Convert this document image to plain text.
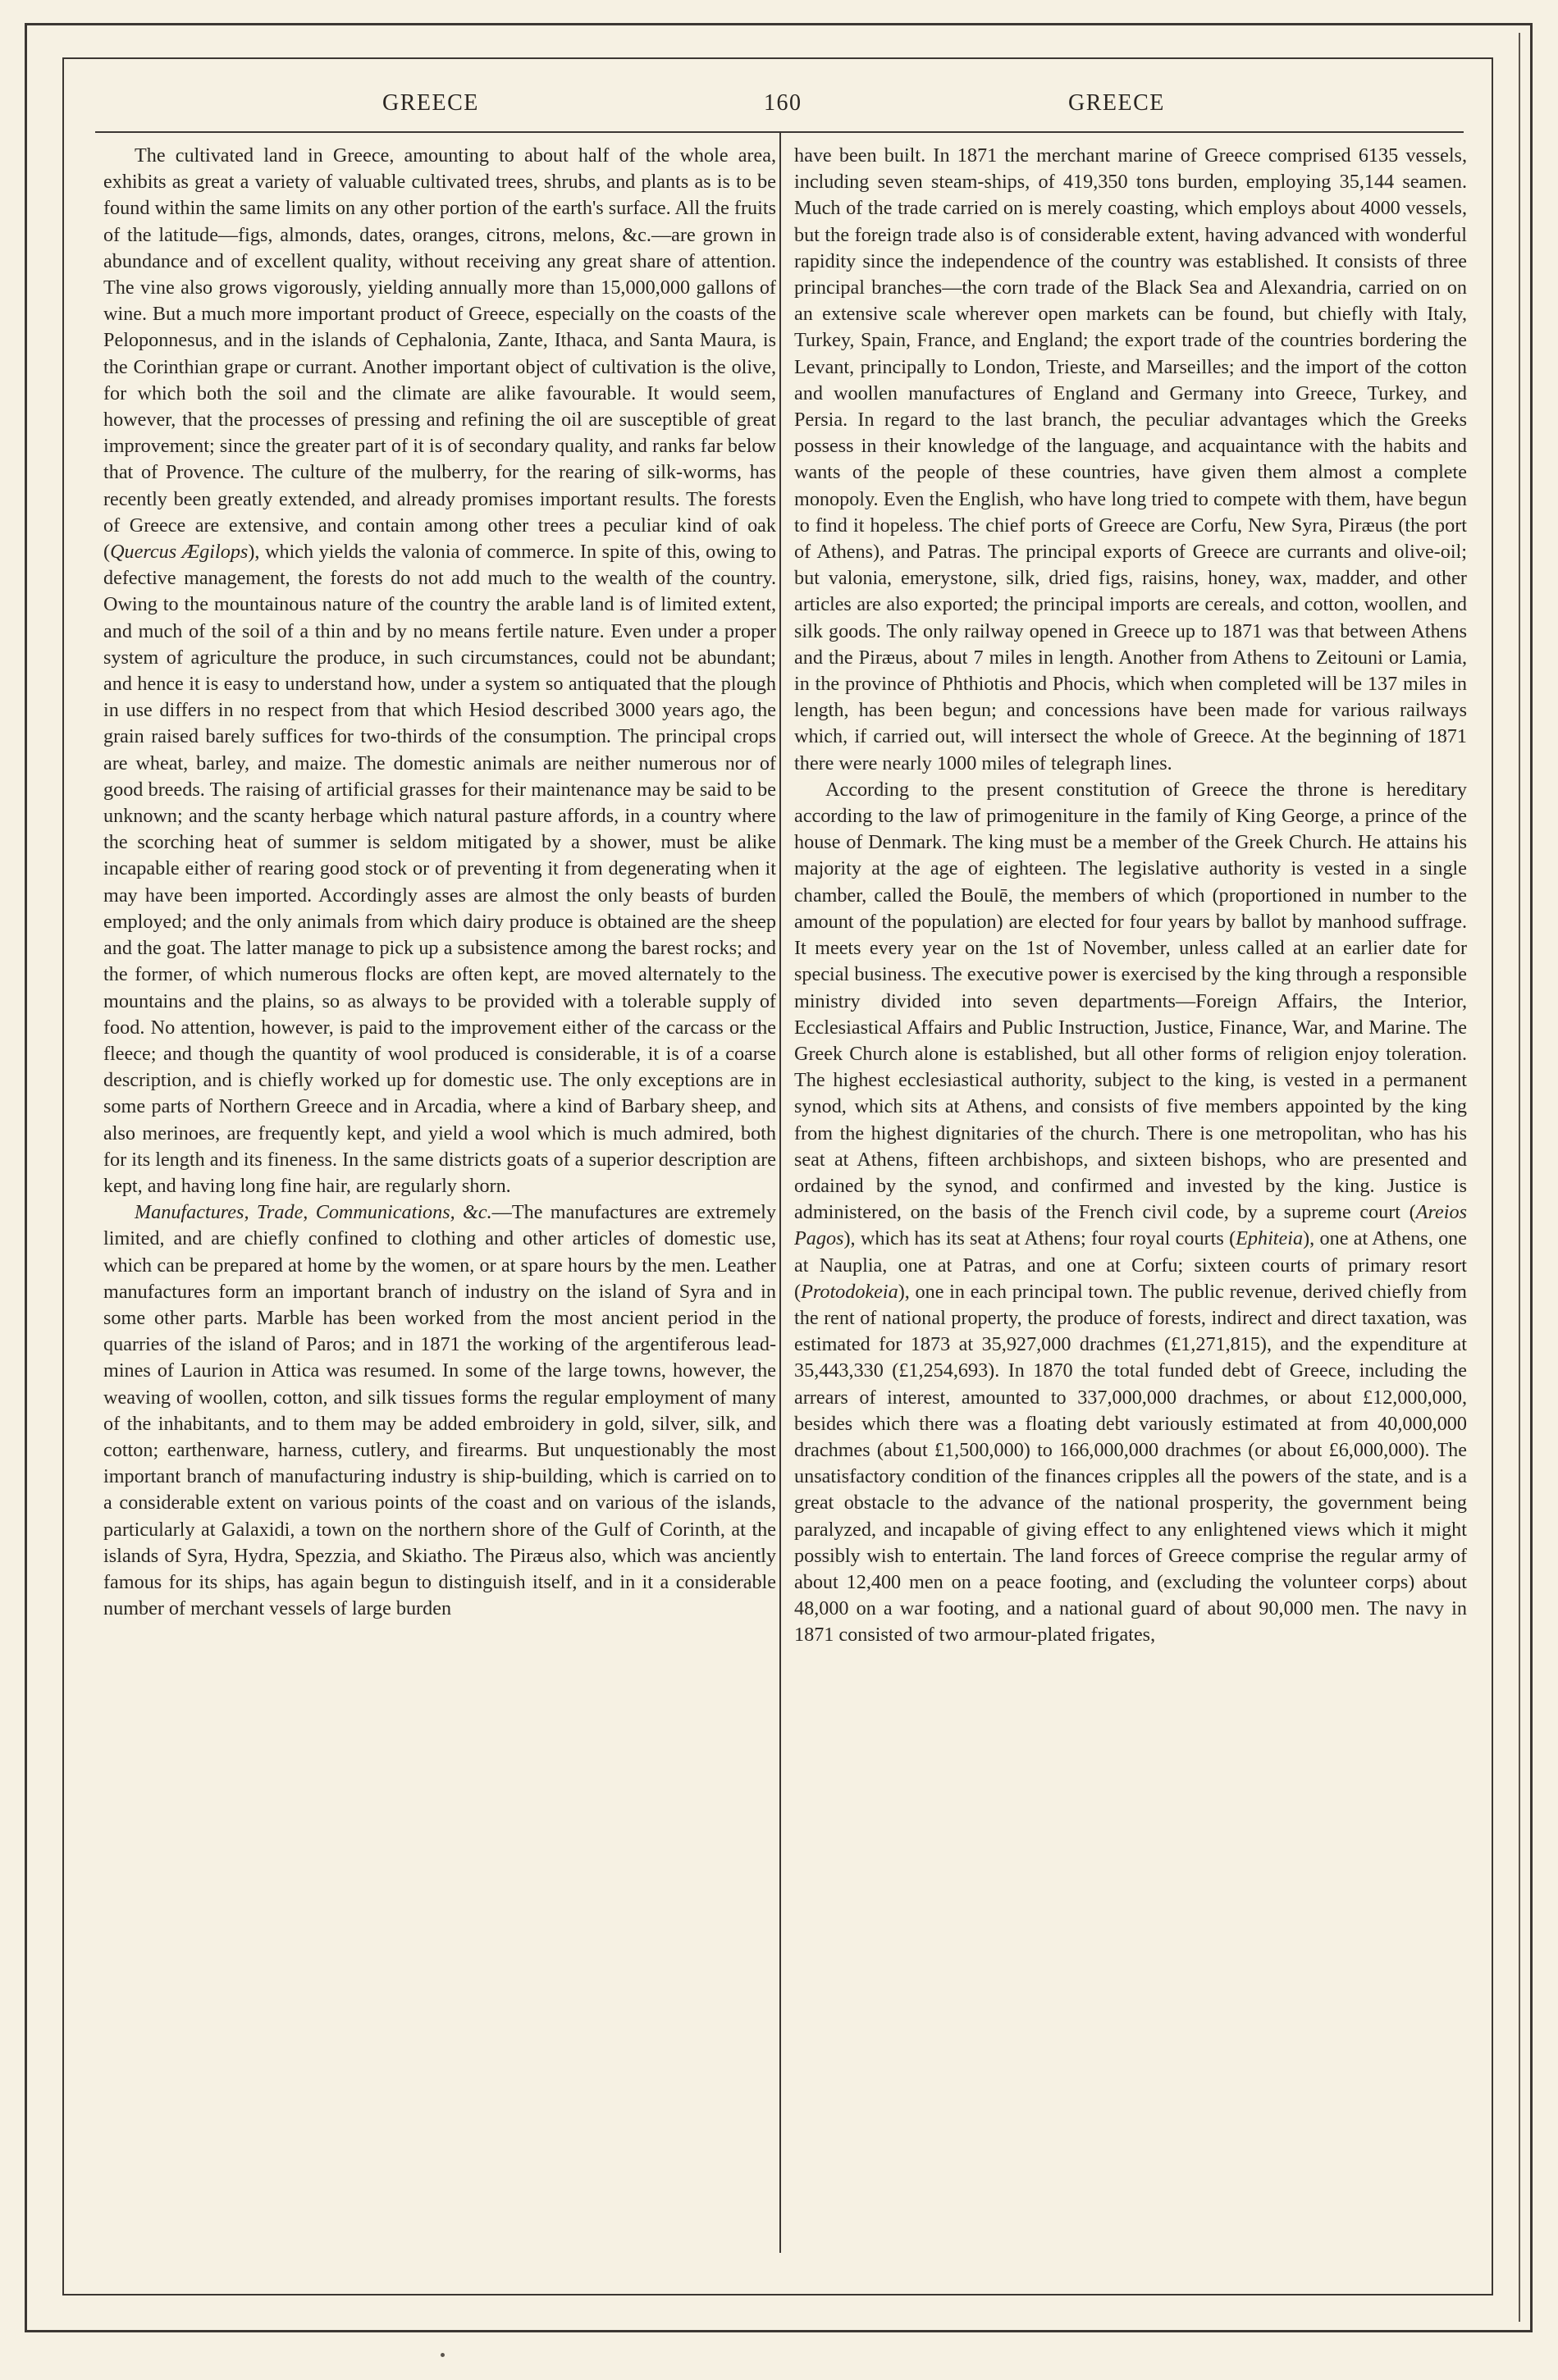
GREECE	160	GREECE

The cultivated land in Greece, amounting to about half of the whole area, exhibits as great a variety of valuable cultivated trees, shrubs, and plants as is to be found within the same limits on any other portion of the earth's surface. All the fruits of the latitude—figs, almonds, dates, oranges, citrons, melons, &c.—are grown in abundance and of excellent quality, without receiving any great share of attention. The vine also grows vigorously, yielding annually more than 15,000,000 gallons of wine. But a much more important product of Greece, especially on the coasts of the Peloponnesus, and in the islands of Cephalonia, Zante, Ithaca, and Santa Maura, is the Corinthian grape or currant. Another important object of cultivation is the olive, for which both the soil and the climate are alike favourable. It would seem, however, that the processes of pressing and refining the oil are susceptible of great improvement; since the greater part of it is of secondary quality, and ranks far below that of Provence. The culture of the mulberry, for the rearing of silk-worms, has recently been greatly extended, and already promises important results. The forests of Greece are extensive, and contain among other trees a peculiar kind of oak (Quercus Ægilops), which yields the valonia of commerce. In spite of this, owing to defective management, the forests do not add much to the wealth of the country. Owing to the mountainous nature of the country the arable land is of limited extent, and much of the soil of a thin and by no means fertile nature. Even under a proper system of agriculture the produce, in such circumstances, could not be abundant; and hence it is easy to understand how, under a system so antiquated that the plough in use differs in no respect from that which Hesiod described 3000 years ago, the grain raised barely suffices for two-thirds of the consumption. The principal crops are wheat, barley, and maize. The domestic animals are neither numerous nor of good breeds. The raising of artificial grasses for their maintenance may be said to be unknown; and the scanty herbage which natural pasture affords, in a country where the scorching heat of summer is seldom mitigated by a shower, must be alike incapable either of rearing good stock or of preventing it from degenerating when it may have been imported. Accordingly asses are almost the only beasts of burden employed; and the only animals from which dairy produce is obtained are the sheep and the goat. The latter manage to pick up a subsistence among the barest rocks; and the former, of which numerous flocks are often kept, are moved alternately to the mountains and the plains, so as always to be provided with a tolerable supply of food. No attention, however, is paid to the improvement either of the carcass or the fleece; and though the quantity of wool produced is considerable, it is of a coarse description, and is chiefly worked up for domestic use. The only exceptions are in some parts of Northern Greece and in Arcadia, where a kind of Barbary sheep, and also merinoes, are frequently kept, and yield a wool which is much admired, both for its length and its fineness. In the same districts goats of a superior description are kept, and having long fine hair, are regularly shorn.

Manufactures, Trade, Communications, &c.—The manufactures are extremely limited, and are chiefly confined to clothing and other articles of domestic use, which can be prepared at home by the women, or at spare hours by the men. Leather manufactures form an important branch of industry on the island of Syra and in some other parts. Marble has been worked from the most ancient period in the quarries of the island of Paros; and in 1871 the working of the argentiferous lead-mines of Laurion in Attica was resumed. In some of the large towns, however, the weaving of woollen, cotton, and silk tissues forms the regular employment of many of the inhabitants, and to them may be added embroidery in gold, silver, silk, and cotton; earthenware, harness, cutlery, and firearms. But unquestionably the most important branch of manufacturing industry is ship-building, which is carried on to a considerable extent on various points of the coast and on various of the islands, particularly at Galaxidi, a town on the northern shore of the Gulf of Corinth, at the islands of Syra, Hydra, Spezzia, and Skiatho. The Piræus also, which was anciently famous for its ships, has again begun to distinguish itself, and in it a considerable number of merchant vessels of large burden

have been built. In 1871 the merchant marine of Greece comprised 6135 vessels, including seven steam-ships, of 419,350 tons burden, employing 35,144 seamen. Much of the trade carried on is merely coasting, which employs about 4000 vessels, but the foreign trade also is of considerable extent, having advanced with wonderful rapidity since the independence of the country was established. It consists of three principal branches—the corn trade of the Black Sea and Alexandria, carried on on an extensive scale wherever open markets can be found, but chiefly with Italy, Turkey, Spain, France, and England; the export trade of the countries bordering the Levant, principally to London, Trieste, and Marseilles; and the import of the cotton and woollen manufactures of England and Germany into Greece, Turkey, and Persia. In regard to the last branch, the peculiar advantages which the Greeks possess in their knowledge of the language, and acquaintance with the habits and wants of the people of these countries, have given them almost a complete monopoly. Even the English, who have long tried to compete with them, have begun to find it hopeless. The chief ports of Greece are Corfu, New Syra, Piræus (the port of Athens), and Patras. The principal exports of Greece are currants and olive-oil; but valonia, emerystone, silk, dried figs, raisins, honey, wax, madder, and other articles are also exported; the principal imports are cereals, and cotton, woollen, and silk goods. The only railway opened in Greece up to 1871 was that between Athens and the Piræus, about 7 miles in length. Another from Athens to Zeitouni or Lamia, in the province of Phthiotis and Phocis, which when completed will be 137 miles in length, has been begun; and concessions have been made for various railways which, if carried out, will intersect the whole of Greece. At the beginning of 1871 there were nearly 1000 miles of telegraph lines.

According to the present constitution of Greece the throne is hereditary according to the law of primogeniture in the family of King George, a prince of the house of Denmark. The king must be a member of the Greek Church. He attains his majority at the age of eighteen. The legislative authority is vested in a single chamber, called the Boulē, the members of which (proportioned in number to the amount of the population) are elected for four years by ballot by manhood suffrage. It meets every year on the 1st of November, unless called at an earlier date for special business. The executive power is exercised by the king through a responsible ministry divided into seven departments—Foreign Affairs, the Interior, Ecclesiastical Affairs and Public Instruction, Justice, Finance, War, and Marine. The Greek Church alone is established, but all other forms of religion enjoy toleration. The highest ecclesiastical authority, subject to the king, is vested in a permanent synod, which sits at Athens, and consists of five members appointed by the king from the highest dignitaries of the church. There is one metropolitan, who has his seat at Athens, fifteen archbishops, and sixteen bishops, who are presented and ordained by the synod, and confirmed and invested by the king. Justice is administered, on the basis of the French civil code, by a supreme court (Areios Pagos), which has its seat at Athens; four royal courts (Ephiteia), one at Athens, one at Nauplia, one at Patras, and one at Corfu; sixteen courts of primary resort (Protodokeia), one in each principal town. The public revenue, derived chiefly from the rent of national property, the produce of forests, indirect and direct taxation, was estimated for 1873 at 35,927,000 drachmes (£1,271,815), and the expenditure at 35,443,330 (£1,254,693). In 1870 the total funded debt of Greece, including the arrears of interest, amounted to 337,000,000 drachmes, or about £12,000,000, besides which there was a floating debt variously estimated at from 40,000,000 drachmes (about £1,500,000) to 166,000,000 drachmes (or about £6,000,000). The unsatisfactory condition of the finances cripples all the powers of the state, and is a great obstacle to the advance of the national prosperity, the government being paralyzed, and incapable of giving effect to any enlightened views which it might possibly wish to entertain. The land forces of Greece comprise the regular army of about 12,400 men on a peace footing, and (excluding the volunteer corps) about 48,000 on a war footing, and a national guard of about 90,000 men. The navy in 1871 consisted of two armour-plated frigates,
